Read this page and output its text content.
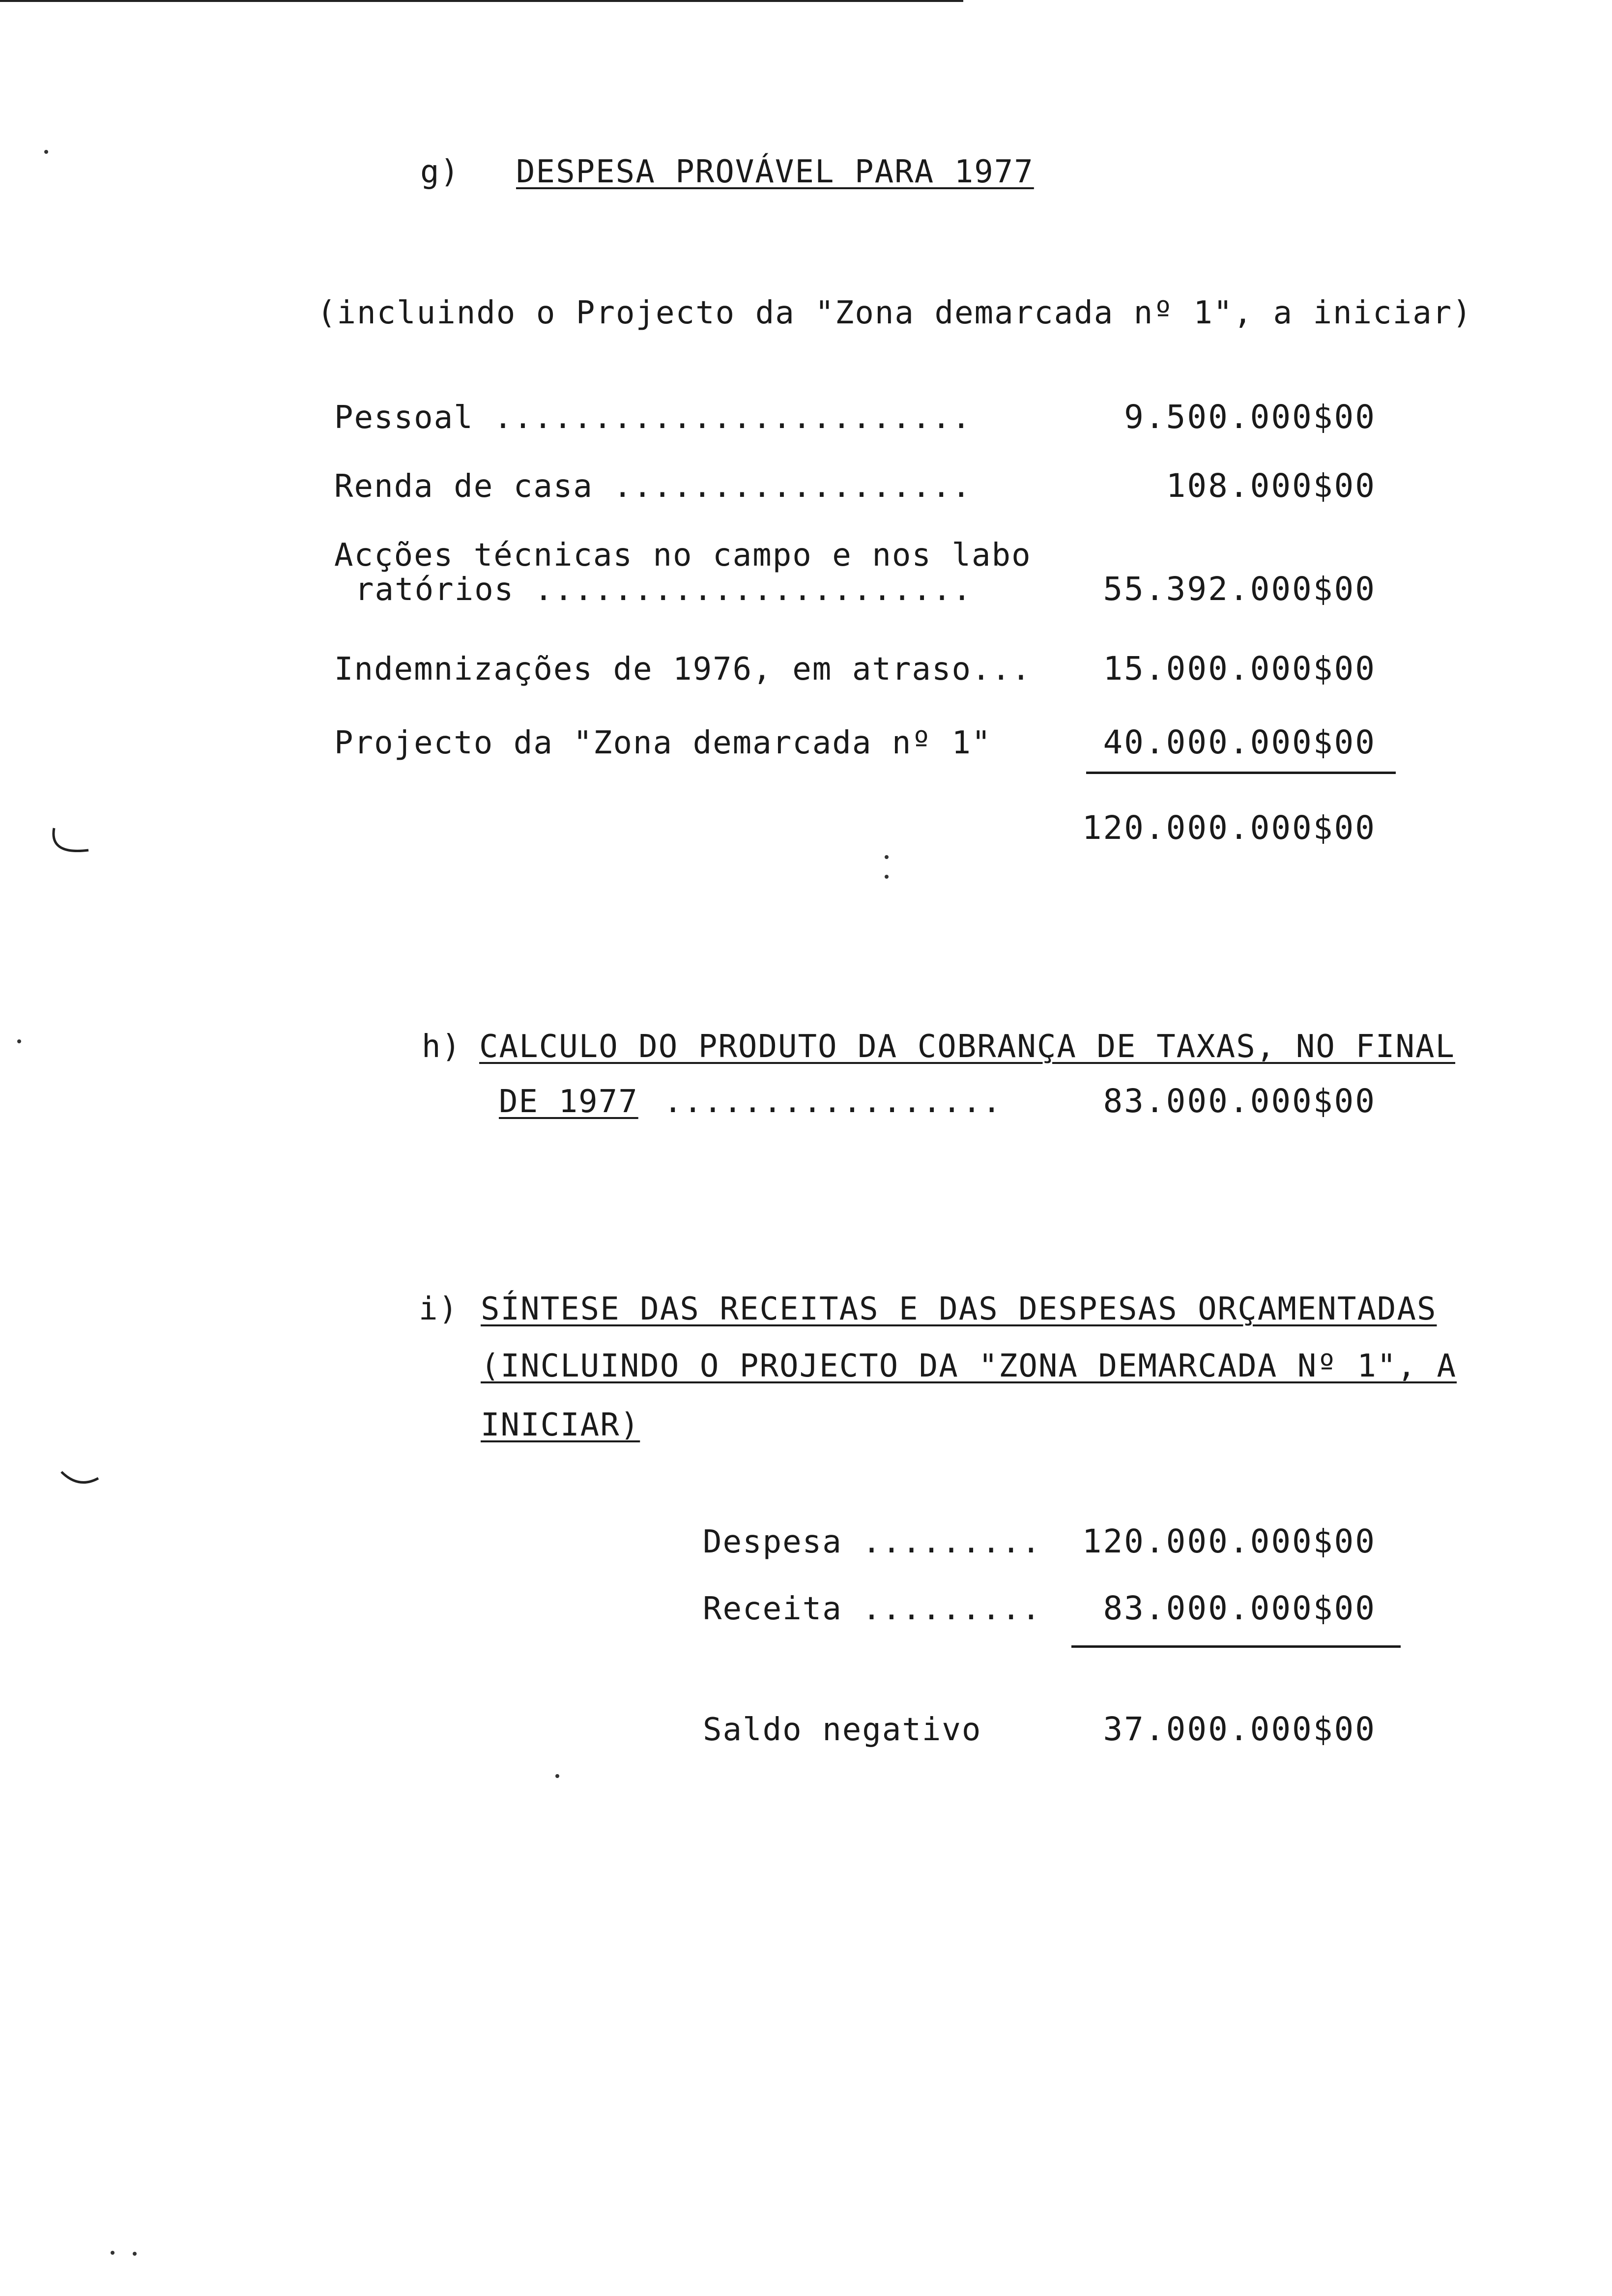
g) DESPESA PROVÁVEL PARA 1977
(incluindo o Projecto da "Zona demarcada nº 1", a iniciar)
Pessoal ........................	9.500.000$00
Renda de casa ..................	108.000$00
Acções técnicas no campo e nos labo
ratórios ......................	55.392.000$00
Indemnizações de 1976, em atraso...	15.000.000$00
Projecto da "Zona demarcada nº 1"	40.000.000$00
120.000.000$00
h) CALCULO DO PRODUTO DA COBRANÇA DE TAXAS, NO FINAL
DE 1977 .................	83.000.000$00
i) SÍNTESE DAS RECEITAS E DAS DESPESAS ORÇAMENTADAS
(INCLUINDO O PROJECTO DA "ZONA DEMARCADA Nº 1", A
INICIAR)
Despesa .........	120.000.000$00
Receita .........	83.000.000$00
Saldo negativo	37.000.000$00
